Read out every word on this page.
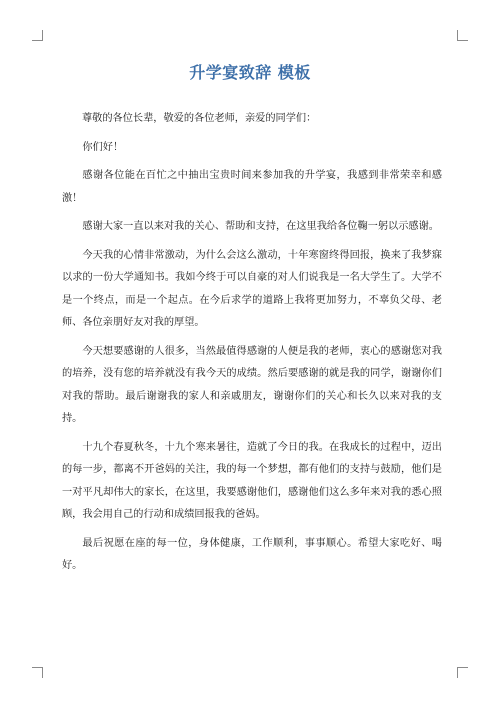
升学宴致辞 模板

尊敬的各位长辈，敬爱的各位老师，亲爱的同学们：

你们好！

感谢各位能在百忙之中抽出宝贵时间来参加我的升学宴，我感到非常荣幸和感激！

感谢大家一直以来对我的关心、帮助和支持，在这里我给各位鞠一躬以示感谢。

今天我的心情非常激动，为什么会这么激动，十年寒窗终得回报，换来了我梦寐以求的一份大学通知书。我如今终于可以自豪的对人们说我是一名大学生了。大学不是一个终点，而是一个起点。在今后求学的道路上我将更加努力，不辜负父母、老师、各位亲朋好友对我的厚望。

今天想要感谢的人很多，当然最值得感谢的人便是我的老师，衷心的感谢您对我的培养，没有您的培养就没有我今天的成绩。然后要感谢的就是我的同学，谢谢你们对我的帮助。最后谢谢我的家人和亲戚朋友，谢谢你们的关心和长久以来对我的支持。

十九个春夏秋冬，十九个寒来暑往，造就了今日的我。在我成长的过程中，迈出的每一步，都离不开爸妈的关注，我的每一个梦想，都有他们的支持与鼓励，他们是一对平凡却伟大的家长，在这里，我要感谢他们，感谢他们这么多年来对我的悉心照顾，我会用自己的行动和成绩回报我的爸妈。

最后祝愿在座的每一位，身体健康，工作顺利，事事顺心。希望大家吃好、喝好。
